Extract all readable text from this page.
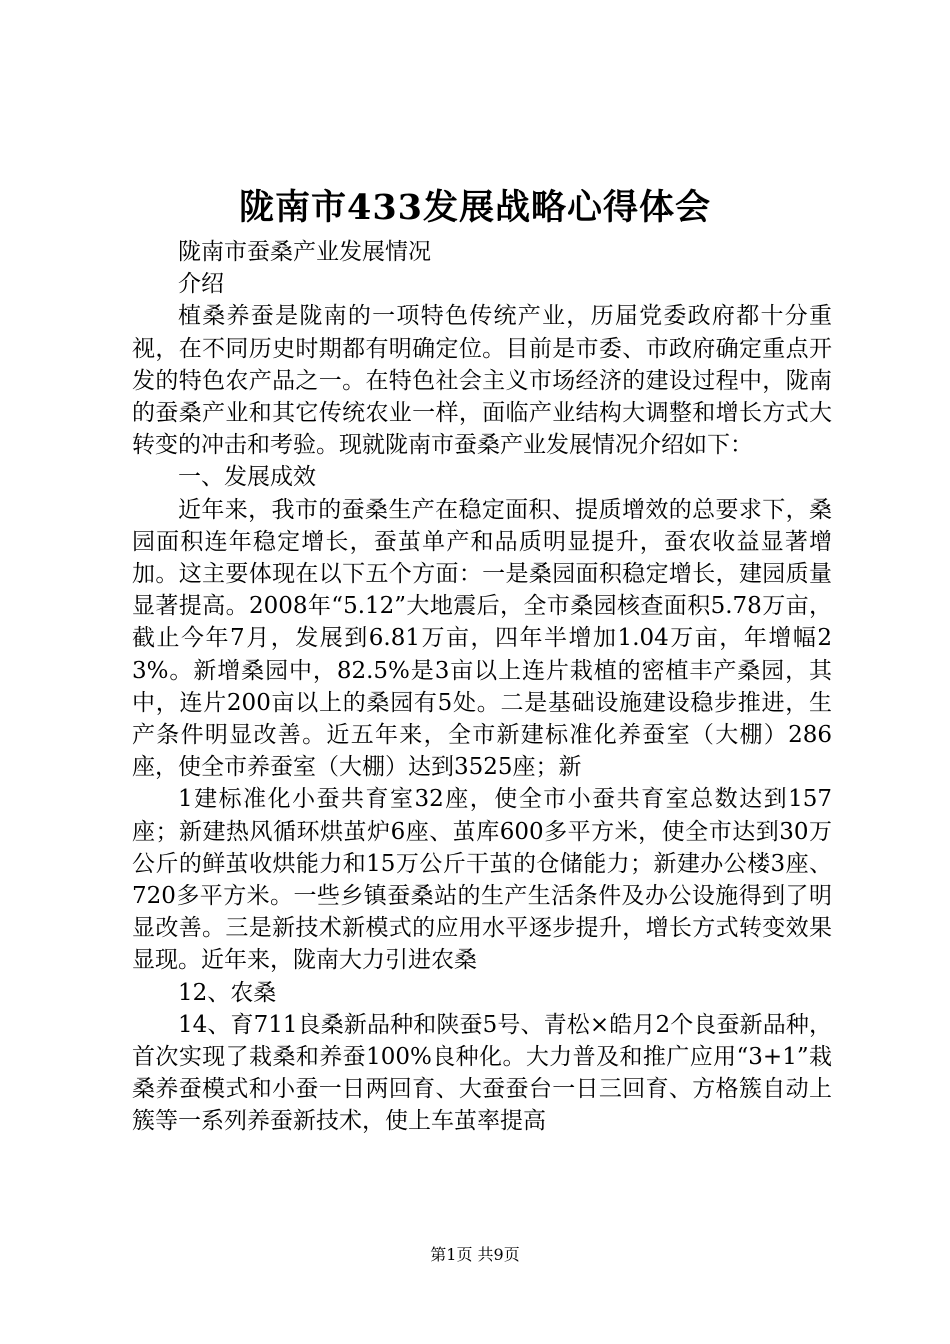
陇南市433发展战略心得体会

陇南市蚕桑产业发展情况

介绍

植桑养蚕是陇南的一项特色传统产业，历届党委政府都十分重视，在不同历史时期都有明确定位。目前是市委、市政府确定重点开发的特色农产品之一。在特色社会主义市场经济的建设过程中，陇南的蚕桑产业和其它传统农业一样，面临产业结构大调整和增长方式大转变的冲击和考验。现就陇南市蚕桑产业发展情况介绍如下：

一、发展成效

近年来，我市的蚕桑生产在稳定面积、提质增效的总要求下，桑园面积连年稳定增长，蚕茧单产和品质明显提升，蚕农收益显著增加。这主要体现在以下五个方面：一是桑园面积稳定增长，建园质量显著提高。2008年“5.12”大地震后，全市桑园核查面积5.78万亩，截止今年7月，发展到6.81万亩，四年半增加1.04万亩，年增幅23%。新增桑园中，82.5%是3亩以上连片栽植的密植丰产桑园，其中，连片200亩以上的桑园有5处。二是基础设施建设稳步推进，生产条件明显改善。近五年来，全市新建标准化养蚕室（大棚）286座，使全市养蚕室（大棚）达到3525座；新

1建标准化小蚕共育室32座，使全市小蚕共育室总数达到157座；新建热风循环烘茧炉6座、茧库600多平方米，使全市达到30万公斤的鲜茧收烘能力和15万公斤干茧的仓储能力；新建办公楼3座、720多平方米。一些乡镇蚕桑站的生产生活条件及办公设施得到了明显改善。三是新技术新模式的应用水平逐步提升，增长方式转变效果显现。近年来，陇南大力引进农桑

12、农桑

14、育711良桑新品种和陕蚕5号、青松×皓月2个良蚕新品种，首次实现了栽桑和养蚕100%良种化。大力普及和推广应用“3+1”栽桑养蚕模式和小蚕一日两回育、大蚕蚕台一日三回育、方格簇自动上簇等一系列养蚕新技术，使上车茧率提高

第1页 共9页
